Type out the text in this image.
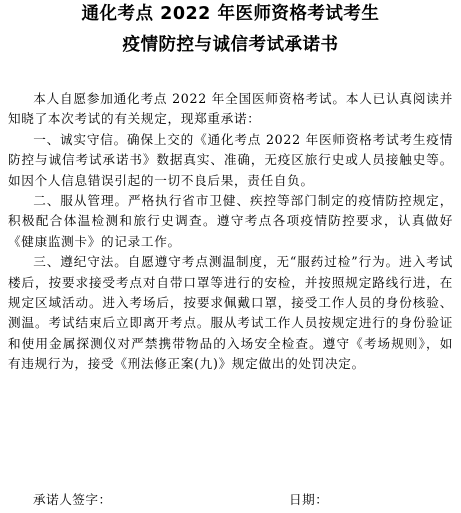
通化考点 2022 年医师资格考试考生
疫情防控与诚信考试承诺书

本人自愿参加通化考点 2022 年全国医师资格考试。本人已认真阅读并知晓了本次考试的有关规定，现郑重承诺：

一、诚实守信。确保上交的《通化考点 2022 年医师资格考试考生疫情防控与诚信考试承诺书》数据真实、准确，无疫区旅行史或人员接触史等。如因个人信息错误引起的一切不良后果，责任自负。

二、服从管理。严格执行省市卫健、疾控等部门制定的疫情防控规定，积极配合体温检测和旅行史调查。遵守考点各项疫情防控要求，认真做好《健康监测卡》的记录工作。

三、遵纪守法。自愿遵守考点测温制度，无“服药过检”行为。进入考试楼后，按要求接受考点对自带口罩等进行的安检，并按照规定路线行进，在规定区域活动。进入考场后，按要求佩戴口罩，接受工作人员的身份核验、测温。考试结束后立即离开考点。服从考试工作人员按规定进行的身份验证和使用金属探测仪对严禁携带物品的入场安全检查。遵守《考场规则》，如有违规行为，接受《刑法修正案(九)》规定做出的处罚决定。

承诺人签字：	日期：
